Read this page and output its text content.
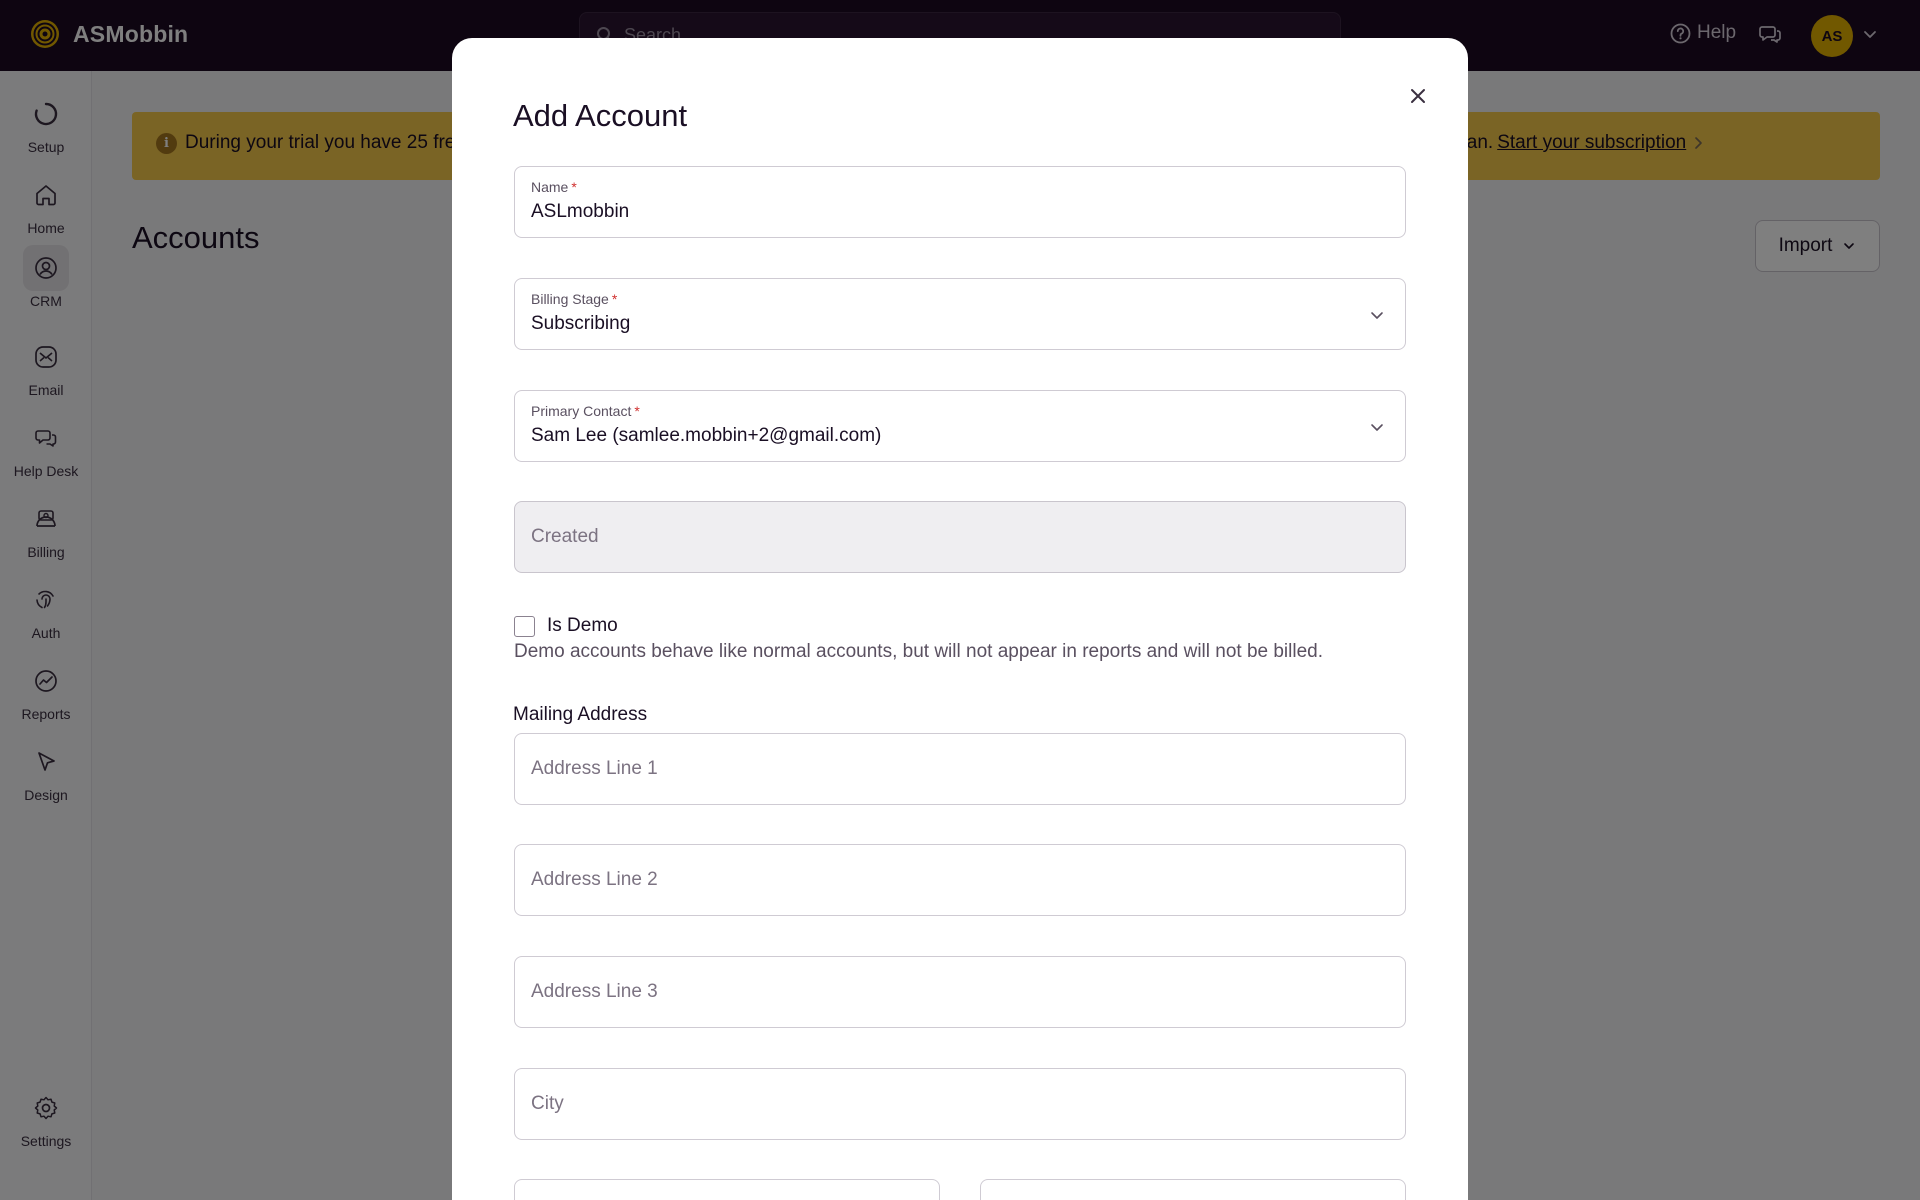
Search
Add Account
Name *
ASLmobbin
Billing Stage *
Subscribing
Primary Contact *
Sam Lee (samlee.mobbin+2@gmail.com)
Created
Is Demo
Demo accounts behave like normal accounts, but will not appear in reports and will not be billed.
Mailing Address
Address Line 1
Address Line 2
Address Line 3
City
